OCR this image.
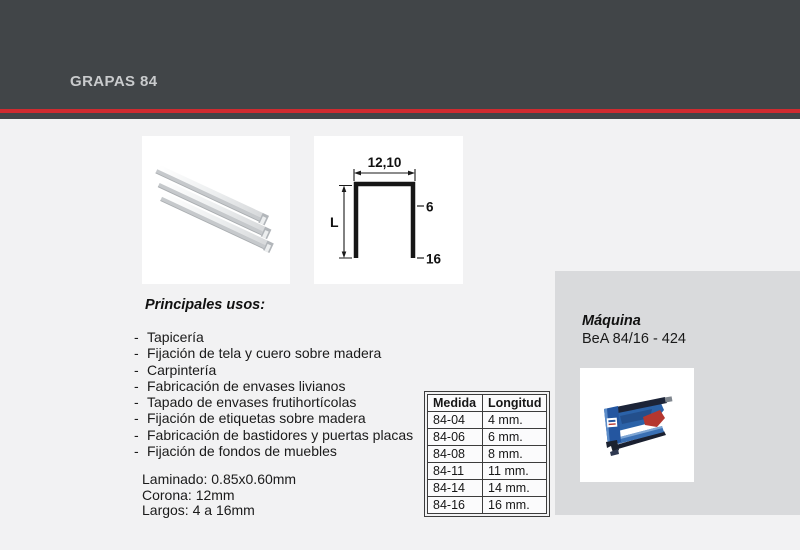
GRAPAS 84
12,10
L
6
16
Principales usos:
- Tapicería
- Fijación de tela y cuero sobre madera
- Carpintería
- Fabricación de envases livianos
- Tapado de envases frutihortícolas
- Fijación de etiquetas sobre madera
- Fabricación de bastidores y puertas placas
- Fijación de fondos de muebles
Laminado: 0.85x0.60mm
Corona: 12mm
Largos: 4 a 16mm
Medida	Longitud
84-04	4 mm.
84-06	6 mm.
84-08	8 mm.
84-11	11 mm.
84-14	14 mm.
84-16	16 mm.
Máquina
BeA 84/16 - 424
